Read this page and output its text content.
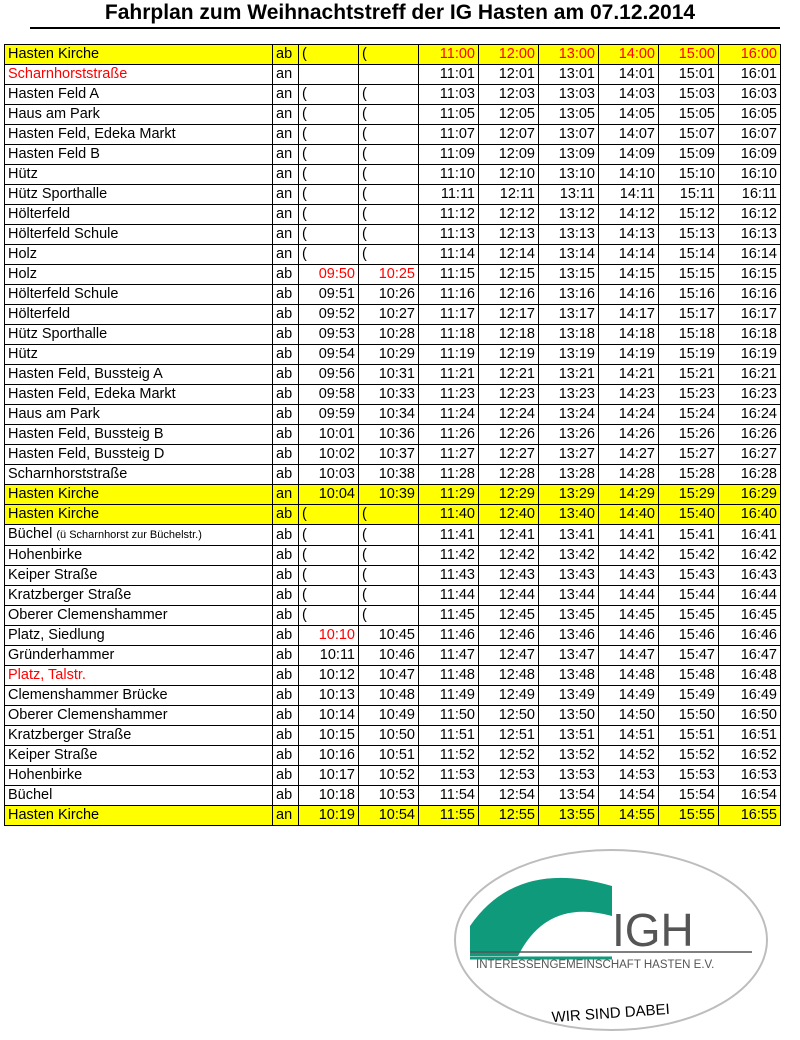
Fahrplan zum Weihnachtstreff der IG Hasten am 07.12.2014
Hasten Kirche	ab	(	(	11:00	12:00	13:00	14:00	15:00	16:00
Scharnhorststraße	an			11:01	12:01	13:01	14:01	15:01	16:01
Hasten Feld A	an	(	(	11:03	12:03	13:03	14:03	15:03	16:03
Haus am Park	an	(	(	11:05	12:05	13:05	14:05	15:05	16:05
Hasten Feld, Edeka Markt	an	(	(	11:07	12:07	13:07	14:07	15:07	16:07
Hasten Feld B	an	(	(	11:09	12:09	13:09	14:09	15:09	16:09
Hütz	an	(	(	11:10	12:10	13:10	14:10	15:10	16:10
Hütz Sporthalle	an	(	(	11:11	12:11	13:11	14:11	15:11	16:11
Hölterfeld	an	(	(	11:12	12:12	13:12	14:12	15:12	16:12
Hölterfeld Schule	an	(	(	11:13	12:13	13:13	14:13	15:13	16:13
Holz	an	(	(	11:14	12:14	13:14	14:14	15:14	16:14
Holz	ab	09:50	10:25	11:15	12:15	13:15	14:15	15:15	16:15
Hölterfeld Schule	ab	09:51	10:26	11:16	12:16	13:16	14:16	15:16	16:16
Hölterfeld	ab	09:52	10:27	11:17	12:17	13:17	14:17	15:17	16:17
Hütz Sporthalle	ab	09:53	10:28	11:18	12:18	13:18	14:18	15:18	16:18
Hütz	ab	09:54	10:29	11:19	12:19	13:19	14:19	15:19	16:19
Hasten Feld, Bussteig A	ab	09:56	10:31	11:21	12:21	13:21	14:21	15:21	16:21
Hasten Feld, Edeka Markt	ab	09:58	10:33	11:23	12:23	13:23	14:23	15:23	16:23
Haus am Park	ab	09:59	10:34	11:24	12:24	13:24	14:24	15:24	16:24
Hasten Feld, Bussteig B	ab	10:01	10:36	11:26	12:26	13:26	14:26	15:26	16:26
Hasten Feld, Bussteig D	ab	10:02	10:37	11:27	12:27	13:27	14:27	15:27	16:27
Scharnhorststraße	ab	10:03	10:38	11:28	12:28	13:28	14:28	15:28	16:28
Hasten Kirche	an	10:04	10:39	11:29	12:29	13:29	14:29	15:29	16:29
Hasten Kirche	ab	(	(	11:40	12:40	13:40	14:40	15:40	16:40
Büchel (ü Scharnhorst zur Büchelstr.)	ab	(	(	11:41	12:41	13:41	14:41	15:41	16:41
Hohenbirke	ab	(	(	11:42	12:42	13:42	14:42	15:42	16:42
Keiper Straße	ab	(	(	11:43	12:43	13:43	14:43	15:43	16:43
Kratzberger Straße	ab	(	(	11:44	12:44	13:44	14:44	15:44	16:44
Oberer Clemenshammer	ab	(	(	11:45	12:45	13:45	14:45	15:45	16:45
Platz, Siedlung	ab	10:10	10:45	11:46	12:46	13:46	14:46	15:46	16:46
Gründerhammer	ab	10:11	10:46	11:47	12:47	13:47	14:47	15:47	16:47
Platz, Talstr.	ab	10:12	10:47	11:48	12:48	13:48	14:48	15:48	16:48
Clemenshammer Brücke	ab	10:13	10:48	11:49	12:49	13:49	14:49	15:49	16:49
Oberer Clemenshammer	ab	10:14	10:49	11:50	12:50	13:50	14:50	15:50	16:50
Kratzberger Straße	ab	10:15	10:50	11:51	12:51	13:51	14:51	15:51	16:51
Keiper Straße	ab	10:16	10:51	11:52	12:52	13:52	14:52	15:52	16:52
Hohenbirke	ab	10:17	10:52	11:53	12:53	13:53	14:53	15:53	16:53
Büchel	ab	10:18	10:53	11:54	12:54	13:54	14:54	15:54	16:54
Hasten Kirche	an	10:19	10:54	11:55	12:55	13:55	14:55	15:55	16:55
IGH
INTERESSENGEMEINSCHAFT HASTEN E.V.
WIR SIND DABEI
